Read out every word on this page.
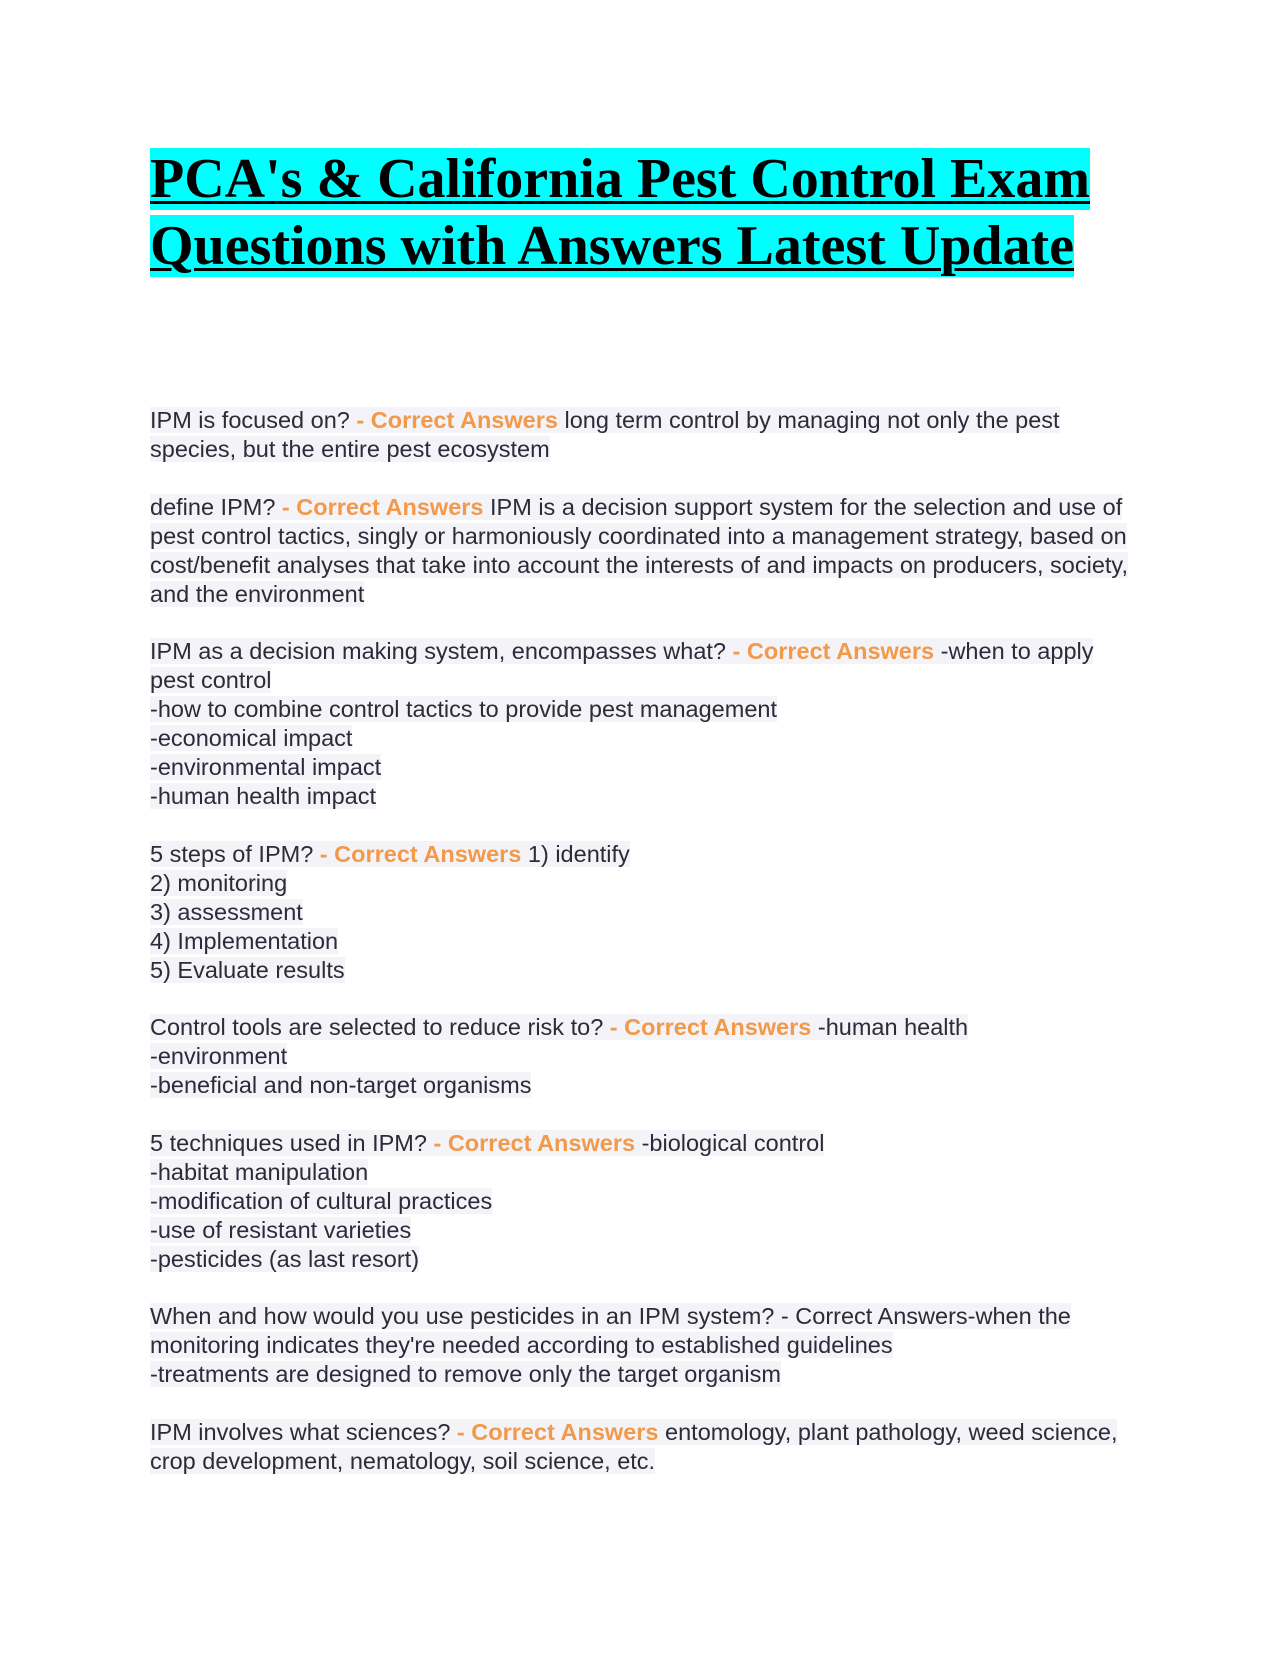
PCA's & California Pest Control Exam Questions with Answers Latest Update
IPM is focused on? - Correct Answers long term control by managing not only the pest species, but the entire pest ecosystem
define IPM? - Correct Answers IPM is a decision support system for the selection and use of pest control tactics, singly or harmoniously coordinated into a management strategy, based on cost/benefit analyses that take into account the interests of and impacts on producers, society, and the environment
IPM as a decision making system, encompasses what? - Correct Answers -when to apply pest control
-how to combine control tactics to provide pest management
-economical impact
-environmental impact
-human health impact
5 steps of IPM? - Correct Answers 1) identify
2) monitoring
3) assessment
4) Implementation
5) Evaluate results
Control tools are selected to reduce risk to? - Correct Answers -human health
-environment
-beneficial and non-target organisms
5 techniques used in IPM? - Correct Answers -biological control
-habitat manipulation
-modification of cultural practices
-use of resistant varieties
-pesticides (as last resort)
When and how would you use pesticides in an IPM system? - Correct Answers-when the monitoring indicates they're needed according to established guidelines
-treatments are designed to remove only the target organism
IPM involves what sciences? - Correct Answers entomology, plant pathology, weed science, crop development, nematology, soil science, etc.
